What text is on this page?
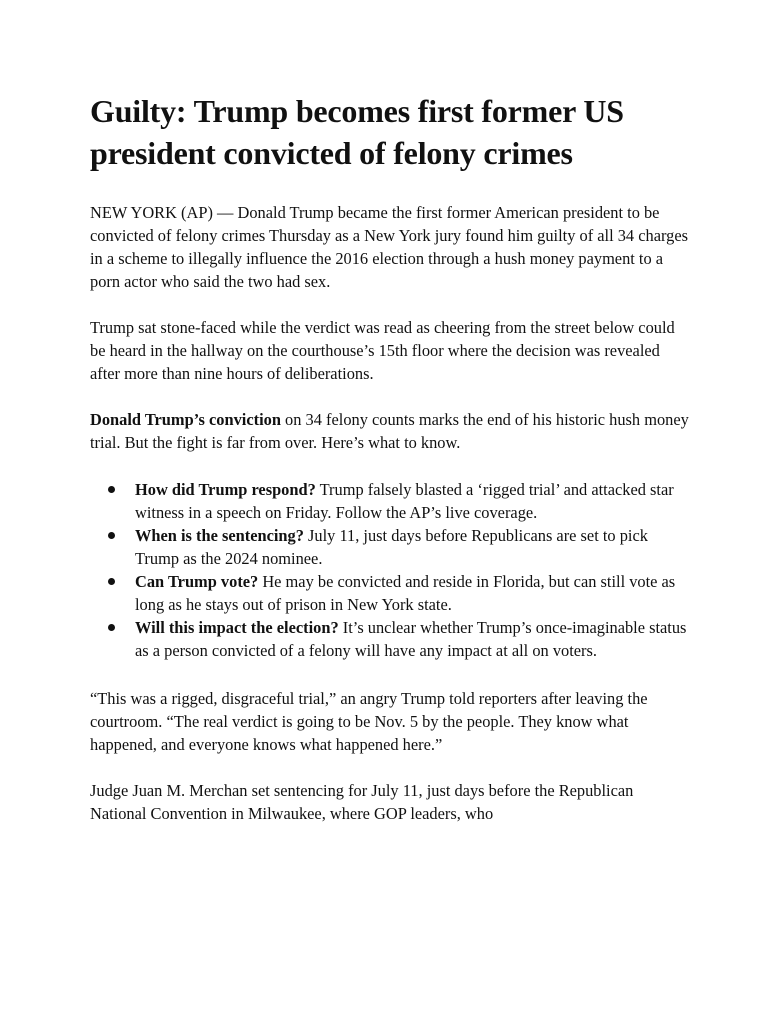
Guilty: Trump becomes first former US president convicted of felony crimes

NEW YORK (AP) — Donald Trump became the first former American president to be convicted of felony crimes Thursday as a New York jury found him guilty of all 34 charges in a scheme to illegally influence the 2016 election through a hush money payment to a porn actor who said the two had sex.

Trump sat stone-faced while the verdict was read as cheering from the street below could be heard in the hallway on the courthouse’s 15th floor where the decision was revealed after more than nine hours of deliberations.

Donald Trump’s conviction on 34 felony counts marks the end of his historic hush money trial. But the fight is far from over. Here’s what to know.

How did Trump respond? Trump falsely blasted a ‘rigged trial’ and attacked star witness in a speech on Friday. Follow the AP’s live coverage.
When is the sentencing? July 11, just days before Republicans are set to pick Trump as the 2024 nominee.
Can Trump vote? He may be convicted and reside in Florida, but can still vote as long as he stays out of prison in New York state.
Will this impact the election? It’s unclear whether Trump’s once-imaginable status as a person convicted of a felony will have any impact at all on voters.

“This was a rigged, disgraceful trial,” an angry Trump told reporters after leaving the courtroom. “The real verdict is going to be Nov. 5 by the people. They know what happened, and everyone knows what happened here.”

Judge Juan M. Merchan set sentencing for July 11, just days before the Republican National Convention in Milwaukee, where GOP leaders, who
